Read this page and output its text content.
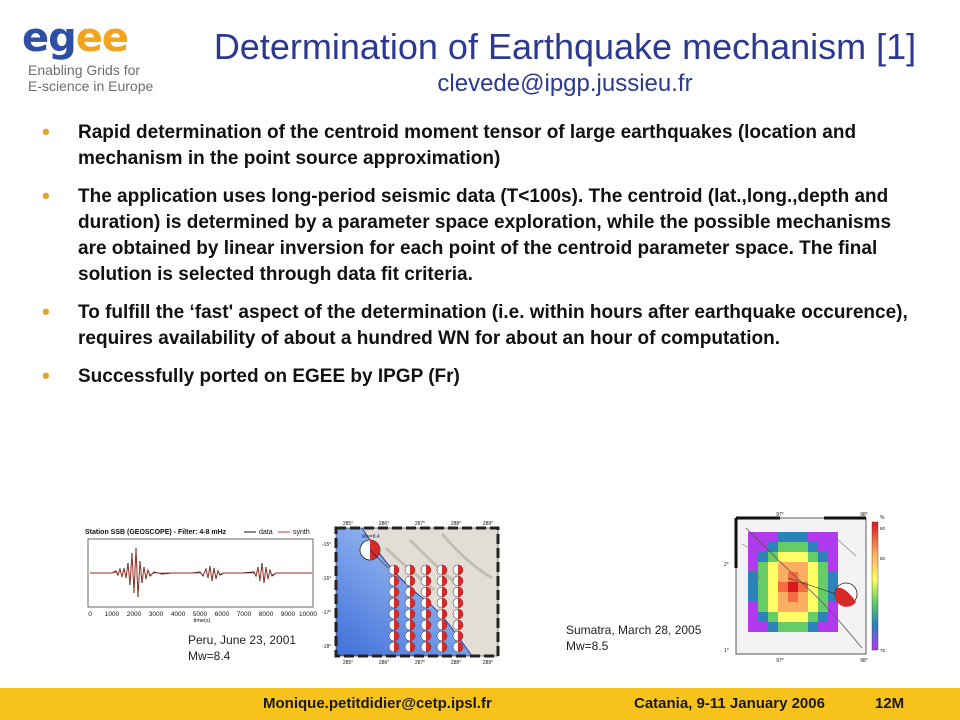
egee
Enabling Grids for
E-science in Europe
Determination of Earthquake mechanism [1]
clevede@ipgp.jussieu.fr
• Rapid determination of the centroid moment tensor of large earthquakes (location and mechanism in the point source approximation)
• The application uses long-period seismic data (T<100s). The centroid (lat.,long.,depth and duration) is determined by a parameter space exploration, while the possible mechanisms are obtained by linear inversion for each point of the centroid parameter space. The final solution is selected through data fit criteria.
• To fulfill the ‘fast' aspect of the determination (i.e. within hours after earthquake occurence), requires availability of about a hundred WN for about an hour of computation.
• Successfully ported on EGEE by IPGP (Fr)
Station SSB (GEOSCOPE) - Filter: 4-8 mHz	data	synth
0 1000 2000 3000 4000 5000 6000 7000 8000 9000 10000
time(s)
Mw=8.4
285°	286°	287°	288°	289°
285°	286°	287°	288°	289°
-15°
-16°
-17°
-18°
Peru, June 23, 2001
Mw=8.4
97°	98°
97°	98°
2°
1°
%
80
60
75
Sumatra, March 28, 2005
Mw=8.5
Monique.petitdidier@cetp.ipsl.fr	Catania, 9-11 January 2006	12M
